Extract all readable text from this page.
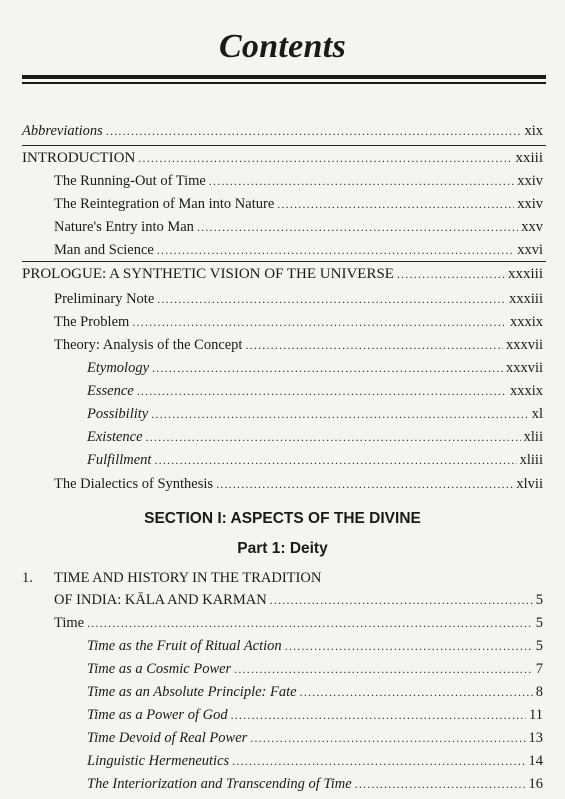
Contents
Abbreviations .....	xix
INTRODUCTION .....	xxiii
The Running-Out of Time .....	xxiv
The Reintegration of Man into Nature .....	xxiv
Nature's Entry into Man .....	xxv
Man and Science .....	xxvi
PROLOGUE: A SYNTHETIC VISION OF THE UNIVERSE .....	xxxiii
Preliminary Note .....	xxxiii
The Problem .....	xxxix
Theory: Analysis of the Concept .....	xxxvii
Etymology .....	xxxvii
Essence .....	xxxix
Possibility .....	xl
Existence .....	xlii
Fulfillment .....	xliii
The Dialectics of Synthesis .....	xlvii
SECTION I: ASPECTS OF THE DIVINE
Part 1: Deity
1. TIME AND HISTORY IN THE TRADITION
OF INDIA: KĀLA AND KARMAN .....	5
Time .....	5
Time as the Fruit of Ritual Action .....	5
Time as a Cosmic Power .....	7
Time as an Absolute Principle: Fate .....	8
Time as a Power of God .....	11
Time Devoid of Real Power .....	13
Linguistic Hermeneutics .....	14
The Interiorization and Transcending of Time .....	16
